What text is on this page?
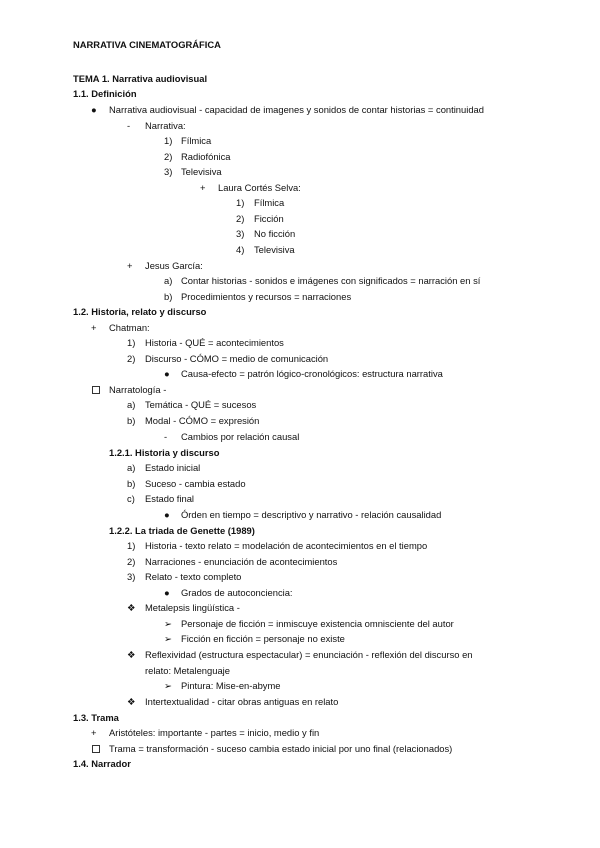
NARRATIVA CINEMATOGRÁFICA
TEMA 1. Narrativa audiovisual
1.1. Definición
● Narrativa audiovisual - capacidad de imagenes y sonidos de contar historias = continuidad
- Narrativa:
1) Fílmica
2) Radiofónica
3) Televisiva
+ Laura Cortés Selva:
1) Fílmica
2) Ficción
3) No ficción
4) Televisiva
+ Jesus García:
a) Contar historias - sonidos e imágenes con significados = narración en sí
b) Procedimientos y recursos = narraciones
1.2. Historia, relato y discurso
+ Chatman:
1) Historia - QUÉ = acontecimientos
2) Discurso - CÓMO = medio de comunicación
● Causa-efecto = patrón lógico-cronológicos: estructura narrativa
Narratología -
a) Temática - QUÉ = sucesos
b) Modal - CÓMO = expresión
- Cambios por relación causal
1.2.1. Historia y discurso
a) Estado inicial
b) Suceso - cambia estado
c) Estado final
● Órden en tiempo = descriptivo y narrativo - relación causalidad
1.2.2. La triada de Genette (1989)
1) Historia - texto relato = modelación de acontecimientos en el tiempo
2) Narraciones - enunciación de acontecimientos
3) Relato - texto completo
● Grados de autoconciencia:
❖ Metalepsis lingüística -
➢ Personaje de ficción = inmiscuye existencia omnisciente del autor
➢ Ficción en ficción = personaje no existe
❖ Reflexividad (estructura espectacular) = enunciación - reflexión del discurso en
relato: Metalenguaje
➢ Pintura: Mise-en-abyme
❖ Intertextualidad - citar obras antiguas en relato
1.3. Trama
+ Aristóteles: importante - partes = inicio, medio y fin
Trama = transformación - suceso cambia estado inicial por uno final (relacionados)
1.4. Narrador
